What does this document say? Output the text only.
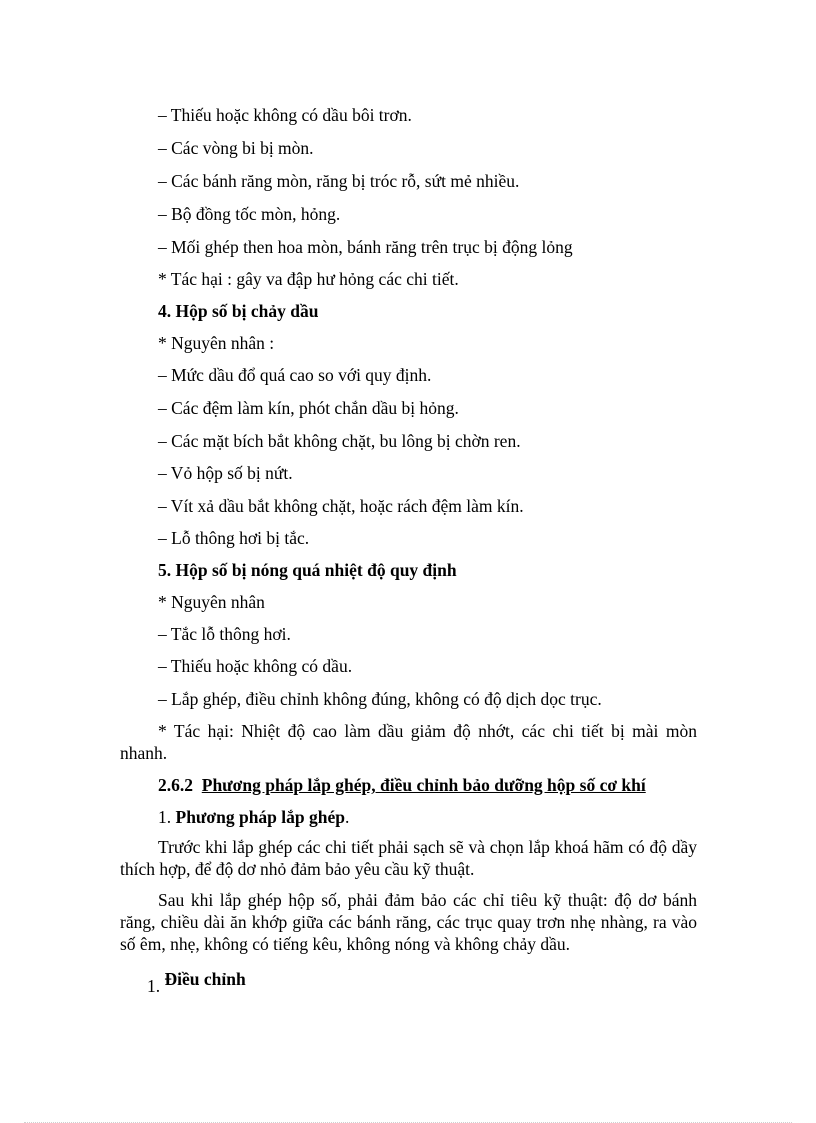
– Thiếu hoặc không có dầu bôi trơn.
– Các vòng bi bị mòn.
– Các bánh răng mòn, răng bị tróc rỗ, sứt mẻ nhiều.
– Bộ đồng tốc mòn, hỏng.
– Mối ghép then hoa mòn, bánh răng trên trục bị động lỏng
* Tác hại : gây va đập hư hỏng các chi tiết.
4. Hộp số bị chảy dầu
* Nguyên nhân :
– Mức dầu đổ quá cao so với quy định.
– Các đệm làm kín, phót chắn dầu bị hỏng.
– Các mặt bích bắt không chặt, bu lông bị chờn ren.
– Vỏ hộp số bị nứt.
– Vít xả dầu bắt không chặt, hoặc rách đệm làm kín.
– Lỗ thông hơi bị tắc.
5. Hộp số bị nóng quá nhiệt độ quy định
* Nguyên nhân
– Tắc lỗ thông hơi.
– Thiếu hoặc không có dầu.
– Lắp ghép, điều chỉnh không đúng, không có độ dịch dọc trục.
* Tác hại: Nhiệt độ cao làm dầu giảm độ nhớt, các chi tiết bị mài mòn
nhanh.
2.6.2 Phương pháp lắp ghép, điều chỉnh bảo dưỡng hộp số cơ khí
1. Phương pháp lắp ghép.
Trước khi lắp ghép các chi tiết phải sạch sẽ và chọn lắp khoá hãm có độ dầy thích hợp, để độ dơ nhỏ đảm bảo yêu cầu kỹ thuật.
Sau khi lắp ghép hộp số, phải đảm bảo các chỉ tiêu kỹ thuật: độ dơ bánh răng, chiều dài ăn khớp giữa các bánh răng, các trục quay trơn nhẹ nhàng, ra vào số êm, nhẹ, không có tiếng kêu, không nóng và không chảy dầu.
1. Điều chỉnh
